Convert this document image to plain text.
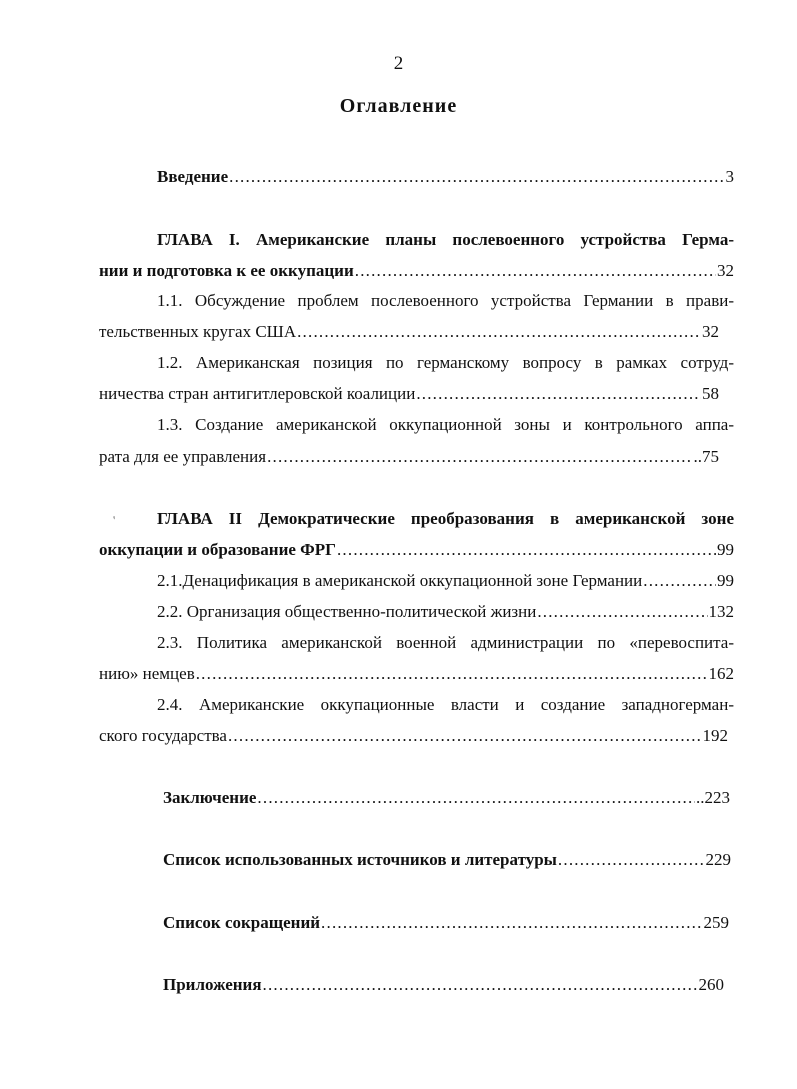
2
Оглавление
Введение .....	3
ГЛАВА I. Американские планы послевоенного устройства Герма-
нии и подготовка к ее оккупации .....	32
1.1. Обсуждение проблем послевоенного устройства Германии в прави-
тельственных кругах США .....	32
1.2. Американская позиция по германскому вопросу в рамках сотруд-
ничества стран антигитлеровской коалиции .....	58
1.3. Создание американской оккупационной зоны и контрольного аппа-
рата для ее управления .....	..75
ʹ ГЛАВА II Демократические преобразования в американской зоне
оккупации и образование ФРГ .....	99
2.1.Денацификация в американской оккупационной зоне Германии .....	99
2.2. Организация общественно-политической жизни .....	132
2.3. Политика американской военной администрации по «перевоспита-
нию» немцев .....	162
2.4. Американские оккупационные власти и создание западногерман-
ского государства .....	192
Заключение .....	..223
Список использованных источников и литературы .....	229
Список сокращений .....	259
Приложения .....	260
